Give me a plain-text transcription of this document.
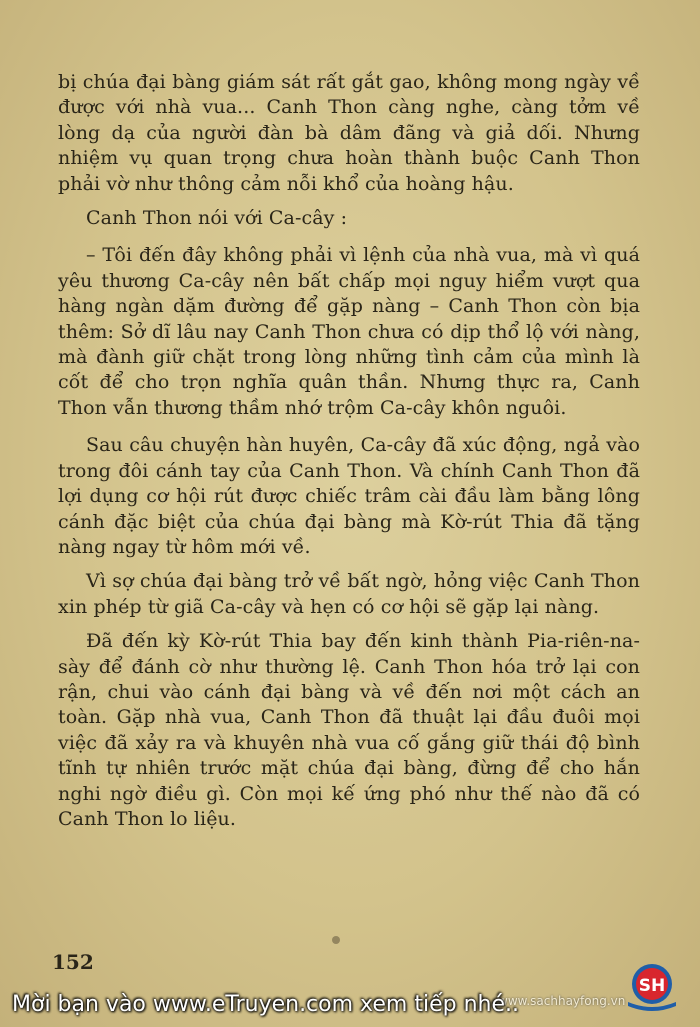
bị chúa đại bàng giám sát rất gắt gao, không mong ngày về được với nhà vua... Canh Thon càng nghe, càng tởm về lòng dạ của người đàn bà dâm đãng và giả dối. Nhưng nhiệm vụ quan trọng chưa hoàn thành buộc Canh Thon phải vờ như thông cảm nỗi khổ của hoàng hậu.

Canh Thon nói với Ca-cây :

– Tôi đến đây không phải vì lệnh của nhà vua, mà vì quá yêu thương Ca-cây nên bất chấp mọi nguy hiểm vượt qua hàng ngàn dặm đường để gặp nàng – Canh Thon còn bịa thêm: Sở dĩ lâu nay Canh Thon chưa có dịp thổ lộ với nàng, mà đành giữ chặt trong lòng những tình cảm của mình là cốt để cho trọn nghĩa quân thần. Nhưng thực ra, Canh Thon vẫn thương thầm nhớ trộm Ca-cây khôn nguôi.

Sau câu chuyện hàn huyên, Ca-cây đã xúc động, ngả vào trong đôi cánh tay của Canh Thon. Và chính Canh Thon đã lợi dụng cơ hội rút được chiếc trâm cài đầu làm bằng lông cánh đặc biệt của chúa đại bàng mà Kờ-rút Thia đã tặng nàng ngay từ hôm mới về.

Vì sợ chúa đại bàng trở về bất ngờ, hỏng việc Canh Thon xin phép từ giã Ca-cây và hẹn có cơ hội sẽ gặp lại nàng.

Đã đến kỳ Kờ-rút Thia bay đến kinh thành Pia-riên-na-sày để đánh cờ như thường lệ. Canh Thon hóa trở lại con rận, chui vào cánh đại bàng và về đến nơi một cách an toàn. Gặp nhà vua, Canh Thon đã thuật lại đầu đuôi mọi việc đã xảy ra và khuyên nhà vua cố gắng giữ thái độ bình tĩnh tự nhiên trước mặt chúa đại bàng, đừng để cho hắn nghi ngờ điều gì. Còn mọi kế ứng phó như thế nào đã có Canh Thon lo liệu.

152
www.sachhayfong.vn
SH
Mời bạn vào www.eTruyen.com xem tiếp nhé..
